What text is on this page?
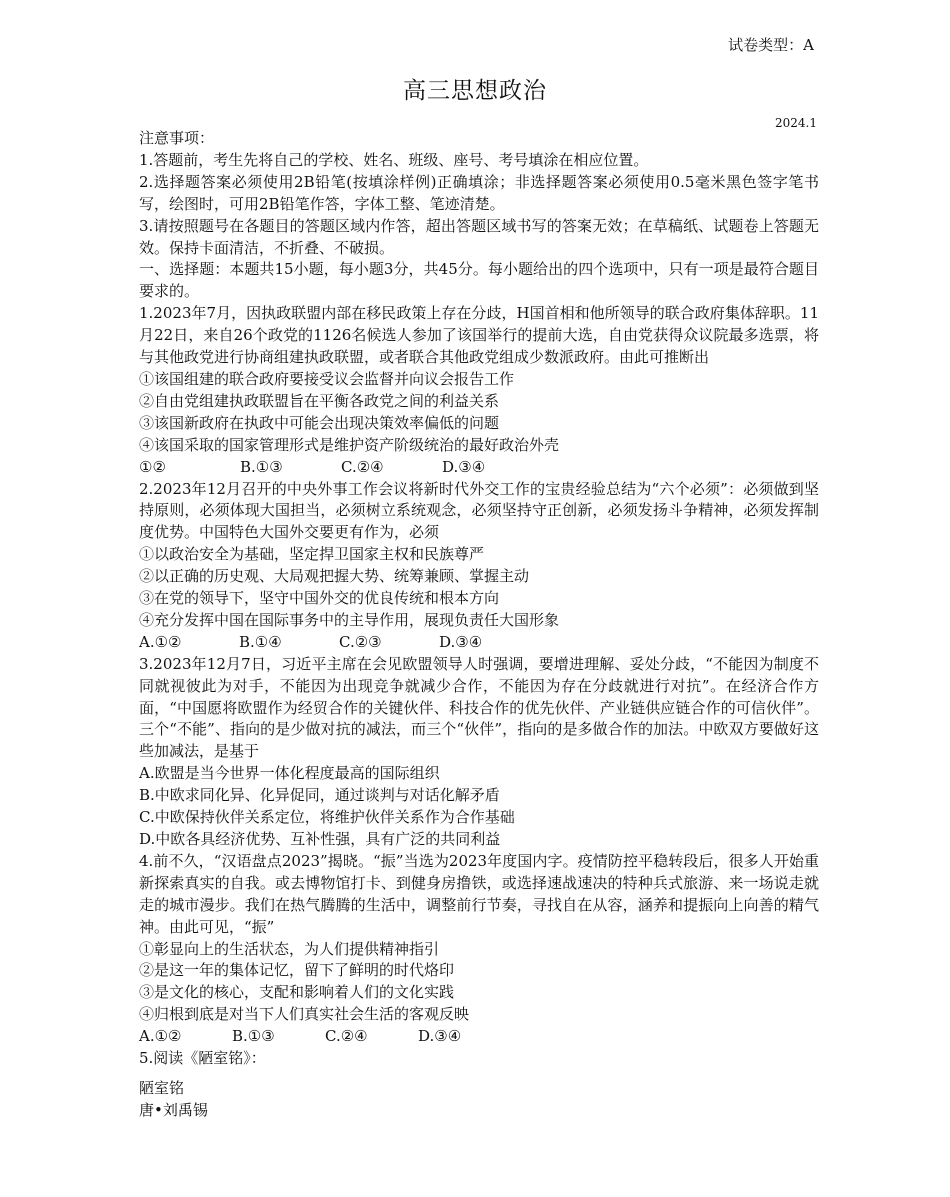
试卷类型：A
高三思想政治
2024.1

注意事项：

1.答题前，考生先将自己的学校、姓名、班级、座号、考号填涂在相应位置。

2.选择题答案必须使用2B铅笔(按填涂样例)正确填涂；非选择题答案必须使用0.5毫米黑色签字笔书写，绘图时，可用2B铅笔作答，字体工整、笔迹清楚。

3.请按照题号在各题目的答题区域内作答，超出答题区域书写的答案无效；在草稿纸、试题卷上答题无效。保持卡面清洁，不折叠、不破损。

一、选择题：本题共15小题，每小题3分，共45分。每小题给出的四个选项中，只有一项是最符合题目要求的。

1.2023年7月，因执政联盟内部在移民政策上存在分歧，H国首相和他所领导的联合政府集体辞职。11月22日，来自26个政党的1126名候选人参加了该国举行的提前大选，自由党获得众议院最多选票，将与其他政党进行协商组建执政联盟，或者联合其他政党组成少数派政府。由此可推断出

①该国组建的联合政府要接受议会监督并向议会报告工作

②自由党组建执政联盟旨在平衡各政党之间的利益关系

③该国新政府在执政中可能会出现决策效率偏低的问题

④该国采取的国家管理形式是维护资产阶级统治的最好政治外壳

①②	B.①③	C.②④	D.③④

2.2023年12月召开的中央外事工作会议将新时代外交工作的宝贵经验总结为“六个必须”：必须做到坚持原则，必须体现大国担当，必须树立系统观念，必须坚持守正创新，必须发扬斗争精神，必须发挥制度优势。中国特色大国外交要更有作为，必须

①以政治安全为基础，坚定捍卫国家主权和民族尊严

②以正确的历史观、大局观把握大势、统筹兼顾、掌握主动

③在党的领导下，坚守中国外交的优良传统和根本方向

④充分发挥中国在国际事务中的主导作用，展现负责任大国形象

A.①②	B.①④	C.②③	D.③④

3.2023年12月7日，习近平主席在会见欧盟领导人时强调，要增进理解、妥处分歧，“不能因为制度不同就视彼此为对手，不能因为出现竞争就减少合作，不能因为存在分歧就进行对抗”。在经济合作方面，“中国愿将欧盟作为经贸合作的关键伙伴、科技合作的优先伙伴、产业链供应链合作的可信伙伴”。三个“不能”、指向的是少做对抗的减法，而三个“伙伴”，指向的是多做合作的加法。中欧双方要做好这些加减法，是基于

A.欧盟是当今世界一体化程度最高的国际组织

B.中欧求同化异、化异促同，通过谈判与对话化解矛盾

C.中欧保持伙伴关系定位，将维护伙伴关系作为合作基础

D.中欧各具经济优势、互补性强，具有广泛的共同利益

4.前不久，“汉语盘点2023”揭晓。“振”当选为2023年度国内字。疫情防控平稳转段后，很多人开始重新探索真实的自我。或去博物馆打卡、到健身房撸铁，或选择速战速决的特种兵式旅游、来一场说走就走的城市漫步。我们在热气腾腾的生活中，调整前行节奏，寻找自在从容，涵养和提振向上向善的精气神。由此可见，“振”

①彰显向上的生活状态，为人们提供精神指引

②是这一年的集体记忆，留下了鲜明的时代烙印

③是文化的核心，支配和影响着人们的文化实践

④归根到底是对当下人们真实社会生活的客观反映

A.①②	B.①③	C.②④	D.③④

5.阅读《陋室铭》：

陋室铭

唐•刘禹锡
